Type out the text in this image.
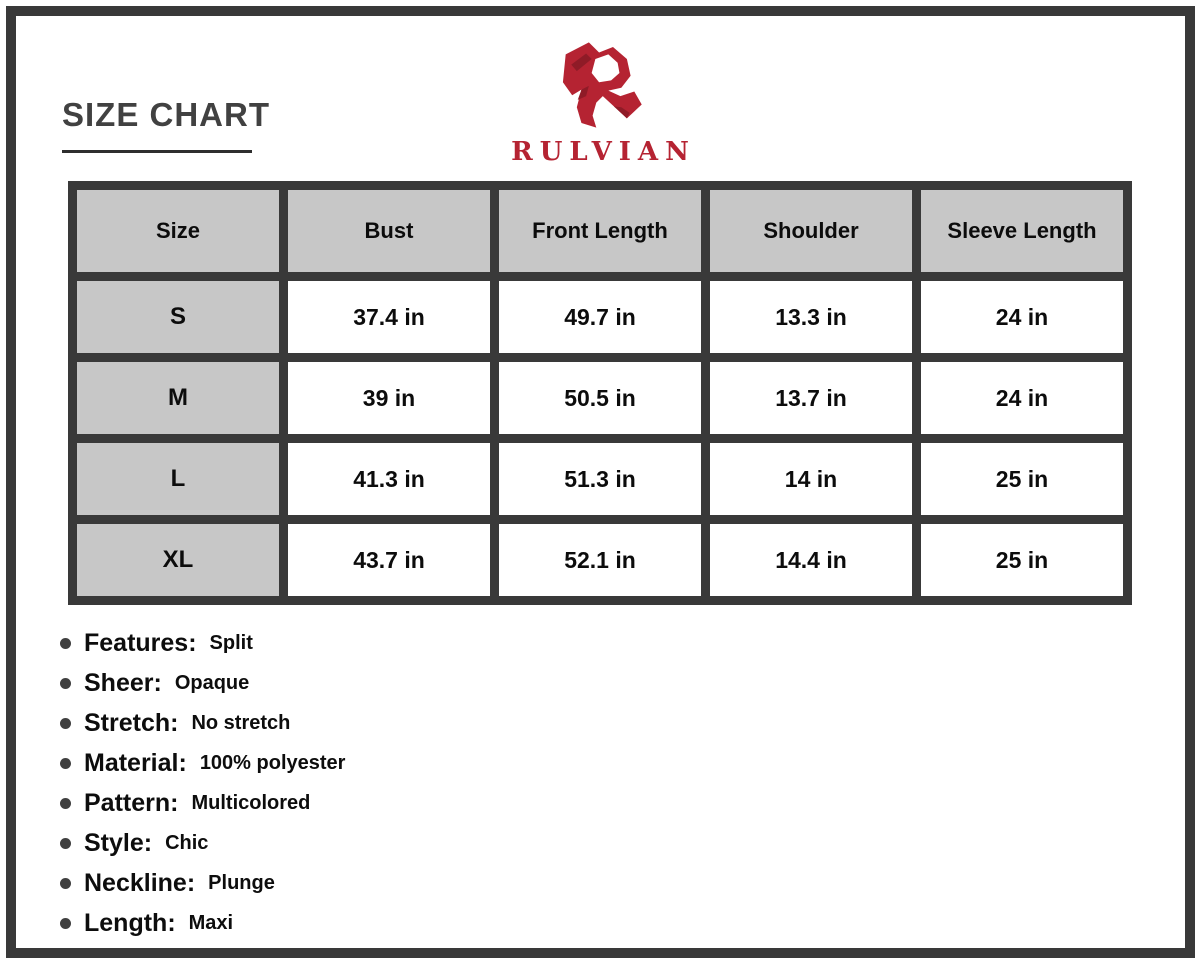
SIZE CHART
RULVIAN
Size	Bust	Front Length	Shoulder	Sleeve Length
S	37.4 in	49.7 in	13.3 in	24 in
M	39 in	50.5 in	13.7 in	24 in
L	41.3 in	51.3 in	14 in	25 in
XL	43.7 in	52.1 in	14.4 in	25 in
Features: Split
Sheer: Opaque
Stretch: No stretch
Material: 100% polyester
Pattern: Multicolored
Style: Chic
Neckline: Plunge
Length: Maxi
